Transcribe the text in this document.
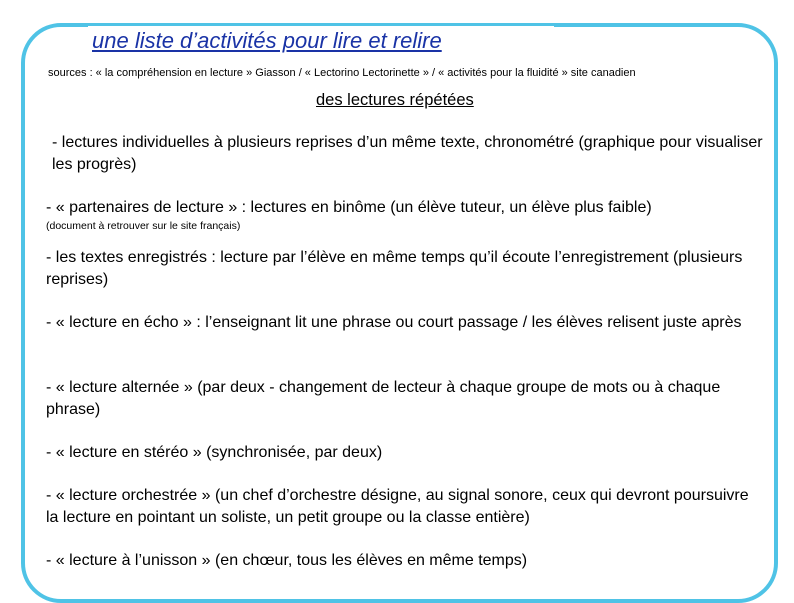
une liste d’activités pour lire et relire
sources : « la compréhension en lecture » Giasson / « Lectorino Lectorinette » / « activités pour la fluidité » site canadien
des lectures répétées
- lectures individuelles à plusieurs reprises d’un même texte, chronométré (graphique pour visualiser les progrès)
- « partenaires de lecture » : lectures en binôme (un élève tuteur, un élève plus faible)
(document à retrouver sur le site français)
- les textes enregistrés : lecture par l’élève en même temps qu’il écoute l’enregistrement (plusieurs reprises)
- « lecture en écho » : l’enseignant lit une phrase ou court passage / les élèves relisent juste après
- « lecture alternée » (par deux - changement de lecteur à chaque groupe de mots ou à chaque phrase)
- « lecture en stéréo » (synchronisée, par deux)
- « lecture orchestrée » (un chef d’orchestre désigne, au signal sonore, ceux qui devront poursuivre la lecture en pointant un soliste, un petit groupe ou la classe entière)
- « lecture à l’unisson » (en chœur, tous les élèves en même temps)
